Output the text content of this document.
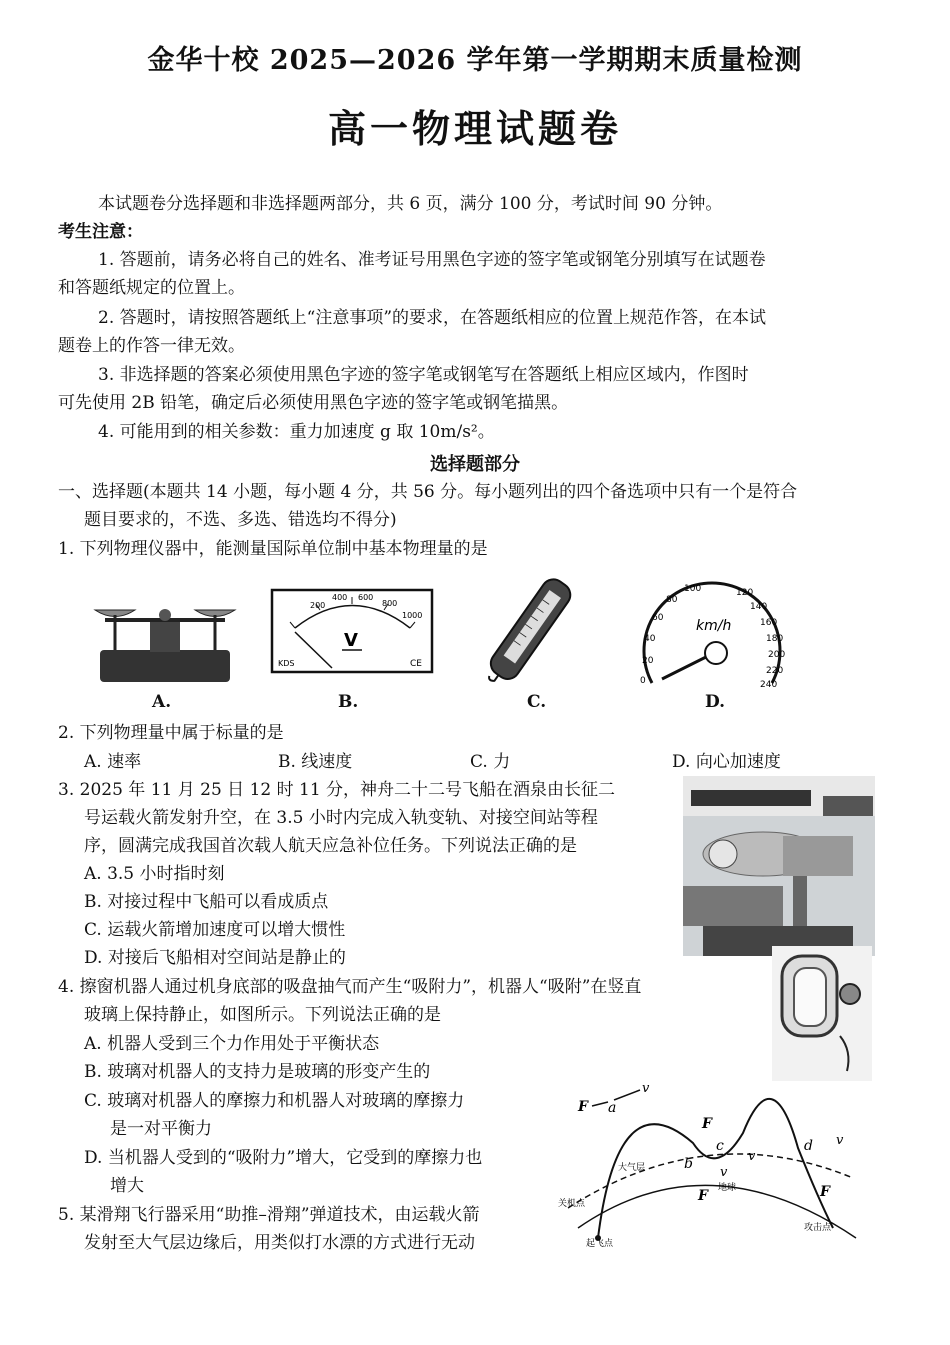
金华十校 2025—2026 学年第一学期期末质量检测
高一物理试题卷
本试题卷分选择题和非选择题两部分，共 6 页，满分 100 分，考试时间 90 分钟。
考生注意：
1. 答题前，请务必将自己的姓名、准考证号用黑色字迹的签字笔或钢笔分别填写在试题卷
和答题纸规定的位置上。
2. 答题时，请按照答题纸上“注意事项”的要求，在答题纸相应的位置上规范作答，在本试
题卷上的作答一律无效。
3. 非选择题的答案必须使用黑色字迹的签字笔或钢笔写在答题纸上相应区域内，作图时
可先使用 2B 铅笔，确定后必须使用黑色字迹的签字笔或钢笔描黑。
4. 可能用到的相关参数：重力加速度 g 取 10m/s²。
选择题部分
一、选择题(本题共 14 小题，每小题 4 分，共 56 分。每小题列出的四个备选项中只有一个是符合
题目要求的，不选、多选、错选均不得分)
1. 下列物理仪器中，能测量国际单位制中基本物理量的是
200
400 600
800
1000
V
KDS	CE
0
20
40
60
80
100	120
140
160
180
200
220
240
km/h
A.	B.	C.	D.
2. 下列物理量中属于标量的是
A. 速率	B. 线速度	C. 力	D. 向心加速度
3. 2025 年 11 月 25 日 12 时 11 分，神舟二十二号飞船在酒泉由长征二
号运载火箭发射升空，在 3.5 小时内完成入轨变轨、对接空间站等程
序，圆满完成我国首次载人航天应急补位任务。下列说法正确的是
A. 3.5 小时指时刻
B. 对接过程中飞船可以看成质点
C. 运载火箭增加速度可以增大惯性
D. 对接后飞船相对空间站是静止的
4. 擦窗机器人通过机身底部的吸盘抽气而产生“吸附力”，机器人“吸附”在竖直
玻璃上保持静止，如图所示。下列说法正确的是
A. 机器人受到三个力作用处于平衡状态
B. 玻璃对机器人的支持力是玻璃的形变产生的
C. 玻璃对机器人的摩擦力和机器人对玻璃的摩擦力
是一对平衡力
D. 当机器人受到的“吸附力”增大，它受到的摩擦力也
增大
5. 某滑翔飞行器采用“助推–滑翔”弹道技术，由运载火箭
发射至大气层边缘后，用类似打水漂的方式进行无动
F a
v
b
F
c
v
v
F
d v
F
大气层
地球
关机点
起飞点
攻击点
